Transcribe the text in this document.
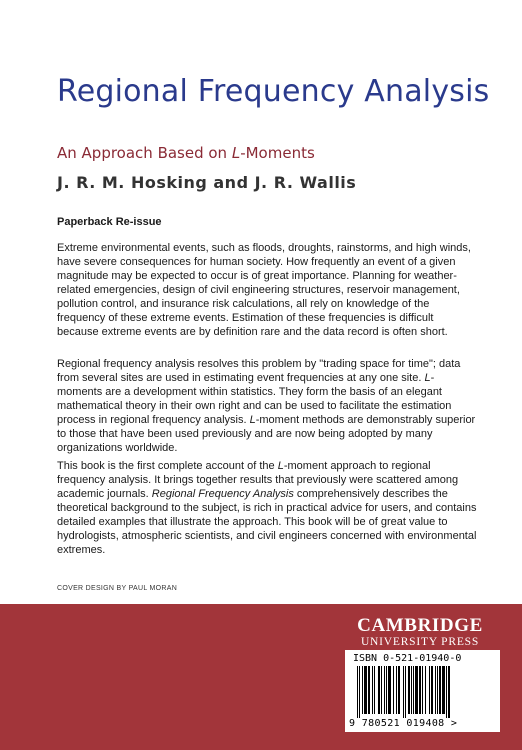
Regional Frequency Analysis

An Approach Based on L-Moments

J. R. M. Hosking and J. R. Wallis

Paperback Re-issue

Extreme environmental events, such as floods, droughts, rainstorms, and high winds, have severe consequences for human society. How frequently an event of a given magnitude may be expected to occur is of great importance. Planning for weather-related emergencies, design of civil engineering structures, reservoir management, pollution control, and insurance risk calculations, all rely on knowledge of the frequency of these extreme events. Estimation of these frequencies is difficult because extreme events are by definition rare and the data record is often short.

Regional frequency analysis resolves this problem by "trading space for time"; data from several sites are used in estimating event frequencies at any one site. L-moments are a development within statistics. They form the basis of an elegant mathematical theory in their own right and can be used to facilitate the estimation process in regional frequency analysis. L-moment methods are demonstrably superior to those that have been used previously and are now being adopted by many organizations worldwide.

This book is the first complete account of the L-moment approach to regional frequency analysis. It brings together results that previously were scattered among academic journals. Regional Frequency Analysis comprehensively describes the theoretical background to the subject, is rich in practical advice for users, and contains detailed examples that illustrate the approach. This book will be of great value to hydrologists, atmospheric scientists, and civil engineers concerned with environmental extremes.

COVER DESIGN BY PAUL MORAN

CAMBRIDGE
UNIVERSITY PRESS
ISBN 0-521-01940-0
9 780521 019408 >
